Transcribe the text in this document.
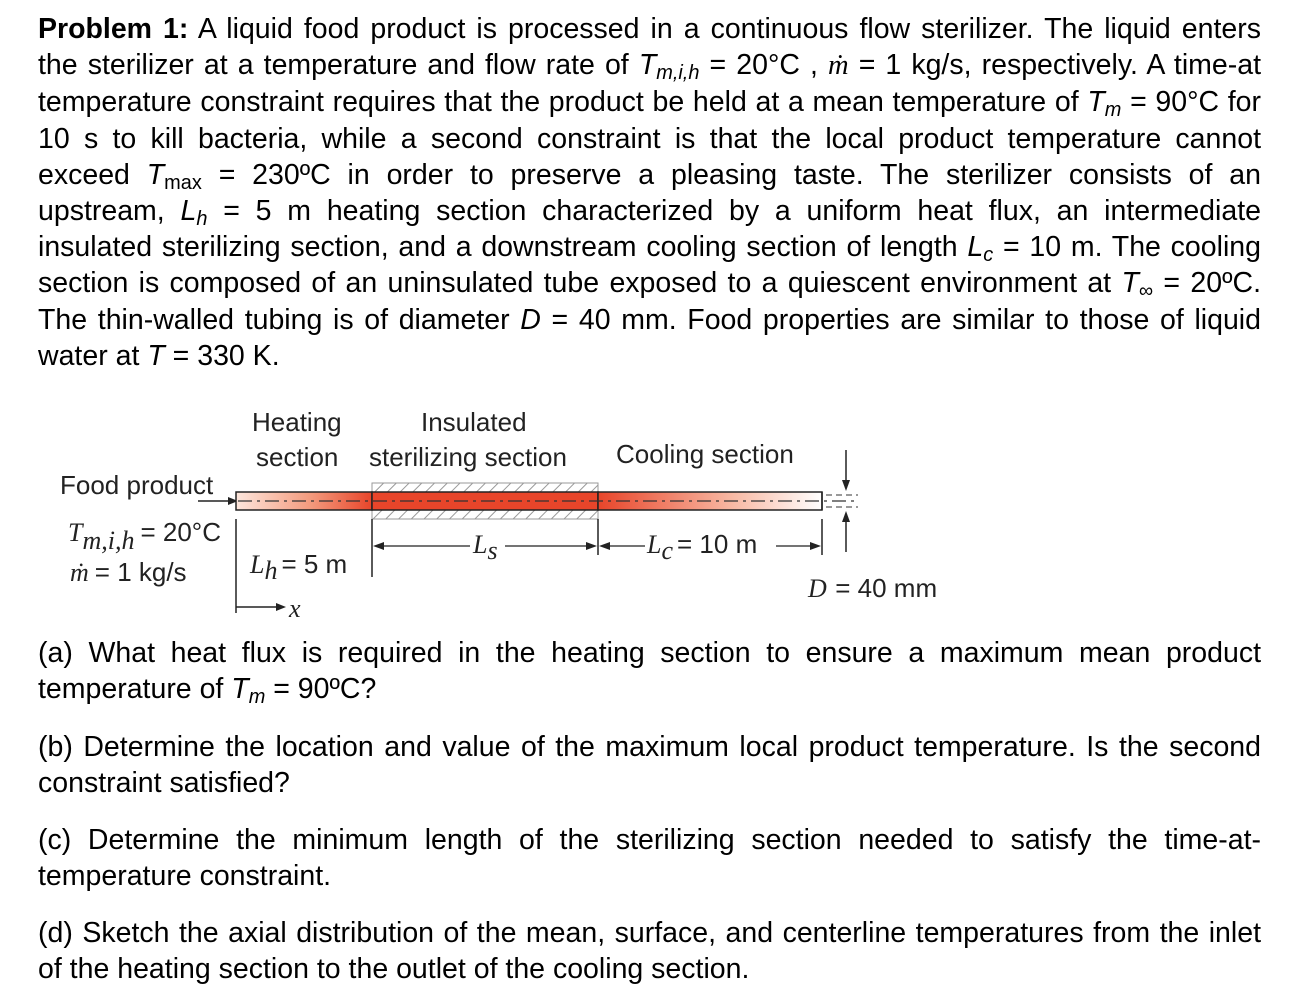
Problem 1: A liquid food product is processed in a continuous flow sterilizer. The liquid enters the sterilizer at a temperature and flow rate of $T_{m,i,h} = 20^\circ C$ , ṁ = 1 kg/s, respectively. A time-at temperature constraint requires that the product be held at a mean temperature of $T_m = 90^\circ C$ for 10 s to kill bacteria, while a second constraint is that the local product temperature cannot exceed $T_{max}$ = 230ºC in order to preserve a pleasing taste. The sterilizer consists of an upstream, $L_h = 5$ m heating section characterized by a uniform heat flux, an intermediate insulated sterilizing section, and a downstream cooling section of length $L_c = 10$ m. The cooling section is composed of an uninsulated tube exposed to a quiescent environment at $T_\infty$ = 20ºC. The thin-walled tubing is of diameter D = 40 mm. Food properties are similar to those of liquid water at T = 330 K.
Heating
section
Insulated
sterilizing section Cooling section
Food product
D = 40 mm
Ls	Lc = 10 m
Lh = 5 m
x
Tm,i,h = 20°C
ṁ = 1 kg/s
(a) What heat flux is required in the heating section to ensure a maximum mean product temperature of $T_m$ = 90ºC?
(b) Determine the location and value of the maximum local product temperature. Is the second constraint satisfied?
(c) Determine the minimum length of the sterilizing section needed to satisfy the time-at-temperature constraint.
(d) Sketch the axial distribution of the mean, surface, and centerline temperatures from the inlet of the heating section to the outlet of the cooling section.
